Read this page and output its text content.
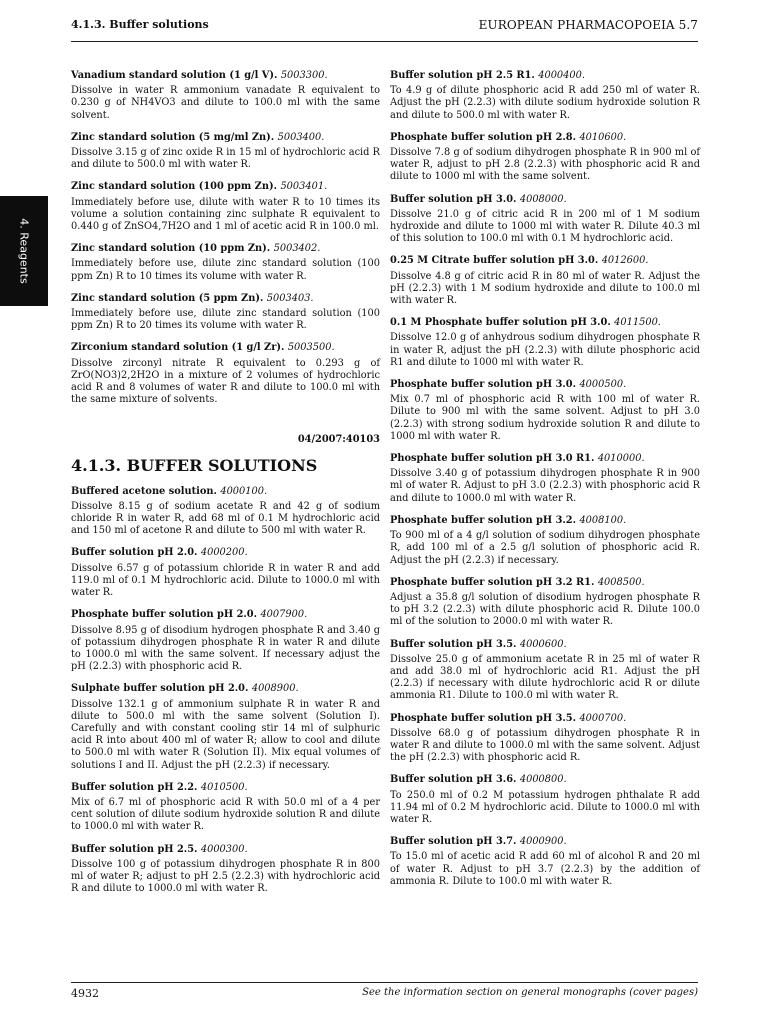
4.1.3. Buffer solutions	EUROPEAN PHARMACOPOEIA 5.7
4. Reagents

Vanadium standard solution (1 g/l V). 5003300.

Dissolve in water R ammonium vanadate R equivalent to 0.230 g of NH4VO3 and dilute to 100.0 ml with the same solvent.

Zinc standard solution (5 mg/ml Zn). 5003400.

Dissolve 3.15 g of zinc oxide R in 15 ml of hydrochloric acid R and dilute to 500.0 ml with water R.

Zinc standard solution (100 ppm Zn). 5003401.

Immediately before use, dilute with water R to 10 times its volume a solution containing zinc sulphate R equivalent to 0.440 g of ZnSO4,7H2O and 1 ml of acetic acid R in 100.0 ml.

Zinc standard solution (10 ppm Zn). 5003402.

Immediately before use, dilute zinc standard solution (100 ppm Zn) R to 10 times its volume with water R.

Zinc standard solution (5 ppm Zn). 5003403.

Immediately before use, dilute zinc standard solution (100 ppm Zn) R to 20 times its volume with water R.

Zirconium standard solution (1 g/l Zr). 5003500.

Dissolve zirconyl nitrate R equivalent to 0.293 g of ZrO(NO3)2,2H2O in a mixture of 2 volumes of hydrochloric acid R and 8 volumes of water R and dilute to 100.0 ml with the same mixture of solvents.

04/2007:40103
4.1.3. BUFFER SOLUTIONS

Buffered acetone solution. 4000100.

Dissolve 8.15 g of sodium acetate R and 42 g of sodium chloride R in water R, add 68 ml of 0.1 M hydrochloric acid and 150 ml of acetone R and dilute to 500 ml with water R.

Buffer solution pH 2.0. 4000200.

Dissolve 6.57 g of potassium chloride R in water R and add 119.0 ml of 0.1 M hydrochloric acid. Dilute to 1000.0 ml with water R.

Phosphate buffer solution pH 2.0. 4007900.

Dissolve 8.95 g of disodium hydrogen phosphate R and 3.40 g of potassium dihydrogen phosphate R in water R and dilute to 1000.0 ml with the same solvent. If necessary adjust the pH (2.2.3) with phosphoric acid R.

Sulphate buffer solution pH 2.0. 4008900.

Dissolve 132.1 g of ammonium sulphate R in water R and dilute to 500.0 ml with the same solvent (Solution I). Carefully and with constant cooling stir 14 ml of sulphuric acid R into about 400 ml of water R; allow to cool and dilute to 500.0 ml with water R (Solution II). Mix equal volumes of solutions I and II. Adjust the pH (2.2.3) if necessary.

Buffer solution pH 2.2. 4010500.

Mix of 6.7 ml of phosphoric acid R with 50.0 ml of a 4 per cent solution of dilute sodium hydroxide solution R and dilute to 1000.0 ml with water R.

Buffer solution pH 2.5. 4000300.

Dissolve 100 g of potassium dihydrogen phosphate R in 800 ml of water R; adjust to pH 2.5 (2.2.3) with hydrochloric acid R and dilute to 1000.0 ml with water R.

Buffer solution pH 2.5 R1. 4000400.

To 4.9 g of dilute phosphoric acid R add 250 ml of water R. Adjust the pH (2.2.3) with dilute sodium hydroxide solution R and dilute to 500.0 ml with water R.

Phosphate buffer solution pH 2.8. 4010600.

Dissolve 7.8 g of sodium dihydrogen phosphate R in 900 ml of water R, adjust to pH 2.8 (2.2.3) with phosphoric acid R and dilute to 1000 ml with the same solvent.

Buffer solution pH 3.0. 4008000.

Dissolve 21.0 g of citric acid R in 200 ml of 1 M sodium hydroxide and dilute to 1000 ml with water R. Dilute 40.3 ml of this solution to 100.0 ml with 0.1 M hydrochloric acid.

0.25 M Citrate buffer solution pH 3.0. 4012600.

Dissolve 4.8 g of citric acid R in 80 ml of water R. Adjust the pH (2.2.3) with 1 M sodium hydroxide and dilute to 100.0 ml with water R.

0.1 M Phosphate buffer solution pH 3.0. 4011500.

Dissolve 12.0 g of anhydrous sodium dihydrogen phosphate R in water R, adjust the pH (2.2.3) with dilute phosphoric acid R1 and dilute to 1000 ml with water R.

Phosphate buffer solution pH 3.0. 4000500.

Mix 0.7 ml of phosphoric acid R with 100 ml of water R. Dilute to 900 ml with the same solvent. Adjust to pH 3.0 (2.2.3) with strong sodium hydroxide solution R and dilute to 1000 ml with water R.

Phosphate buffer solution pH 3.0 R1. 4010000.

Dissolve 3.40 g of potassium dihydrogen phosphate R in 900 ml of water R. Adjust to pH 3.0 (2.2.3) with phosphoric acid R and dilute to 1000.0 ml with water R.

Phosphate buffer solution pH 3.2. 4008100.

To 900 ml of a 4 g/l solution of sodium dihydrogen phosphate R, add 100 ml of a 2.5 g/l solution of phosphoric acid R. Adjust the pH (2.2.3) if necessary.

Phosphate buffer solution pH 3.2 R1. 4008500.

Adjust a 35.8 g/l solution of disodium hydrogen phosphate R to pH 3.2 (2.2.3) with dilute phosphoric acid R. Dilute 100.0 ml of the solution to 2000.0 ml with water R.

Buffer solution pH 3.5. 4000600.

Dissolve 25.0 g of ammonium acetate R in 25 ml of water R and add 38.0 ml of hydrochloric acid R1. Adjust the pH (2.2.3) if necessary with dilute hydrochloric acid R or dilute ammonia R1. Dilute to 100.0 ml with water R.

Phosphate buffer solution pH 3.5. 4000700.

Dissolve 68.0 g of potassium dihydrogen phosphate R in water R and dilute to 1000.0 ml with the same solvent. Adjust the pH (2.2.3) with phosphoric acid R.

Buffer solution pH 3.6. 4000800.

To 250.0 ml of 0.2 M potassium hydrogen phthalate R add 11.94 ml of 0.2 M hydrochloric acid. Dilute to 1000.0 ml with water R.

Buffer solution pH 3.7. 4000900.

To 15.0 ml of acetic acid R add 60 ml of alcohol R and 20 ml of water R. Adjust to pH 3.7 (2.2.3) by the addition of ammonia R. Dilute to 100.0 ml with water R.

4932	See the information section on general monographs (cover pages)
